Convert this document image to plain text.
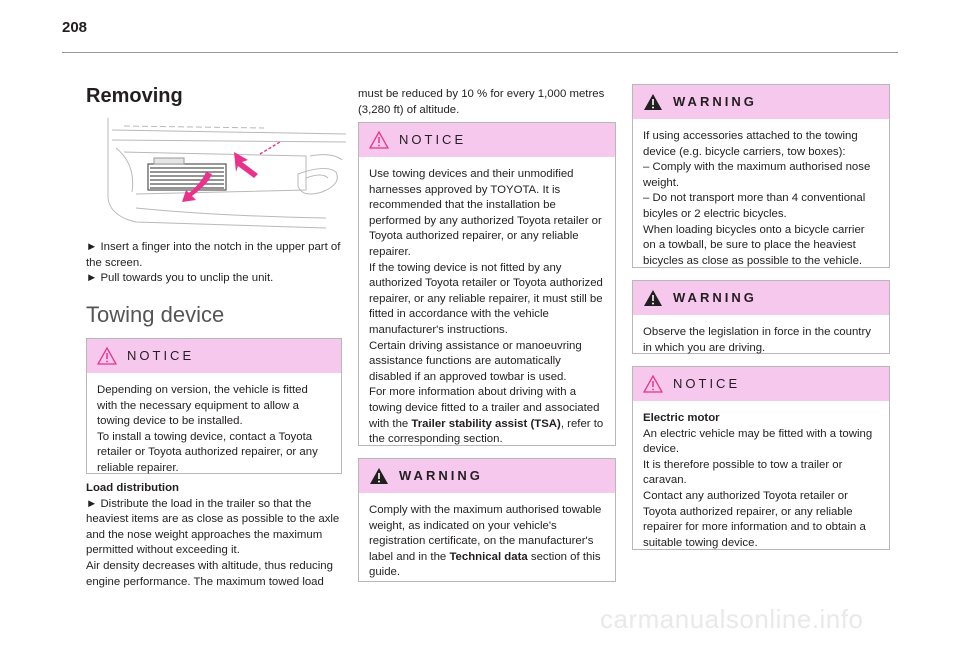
208
Removing

► Insert a finger into the notch in the upper part of the screen.

► Pull towards you to unclip the unit.

Towing device
NOTICE

Depending on version, the vehicle is fitted with the necessary equipment to allow a towing device to be installed.

To install a towing device, contact a Toyota retailer or Toyota authorized repairer, or any reliable repairer.

Load distribution

► Distribute the load in the trailer so that the heaviest items are as close as possible to the axle and the nose weight approaches the maximum permitted without exceeding it.

Air density decreases with altitude, thus reducing engine performance. The maximum towed load

must be reduced by 10 % for every 1,000 metres (3,280 ft) of altitude.

NOTICE

Use towing devices and their unmodified harnesses approved by TOYOTA. It is recommended that the installation be performed by any authorized Toyota retailer or Toyota authorized repairer, or any reliable repairer.

If the towing device is not fitted by any authorized Toyota retailer or Toyota authorized repairer, or any reliable repairer, it must still be fitted in accordance with the vehicle manufacturer's instructions.

Certain driving assistance or manoeuvring assistance functions are automatically disabled if an approved towbar is used.

For more information about driving with a towing device fitted to a trailer and associated with the Trailer stability assist (TSA), refer to the corresponding section.

WARNING

Comply with the maximum authorised towable weight, as indicated on your vehicle's registration certificate, on the manufacturer's label and in the Technical data section of this guide.

WARNING

If using accessories attached to the towing device (e.g. bicycle carriers, tow boxes):

– Comply with the maximum authorised nose weight.

– Do not transport more than 4 conventional bicyles or 2 electric bicycles.

When loading bicycles onto a bicycle carrier on a towball, be sure to place the heaviest bicycles as close as possible to the vehicle.

WARNING

Observe the legislation in force in the country in which you are driving.

NOTICE

Electric motor

An electric vehicle may be fitted with a towing device.

It is therefore possible to tow a trailer or caravan.

Contact any authorized Toyota retailer or Toyota authorized repairer, or any reliable repairer for more information and to obtain a suitable towing device.

carmanualsonline.info
